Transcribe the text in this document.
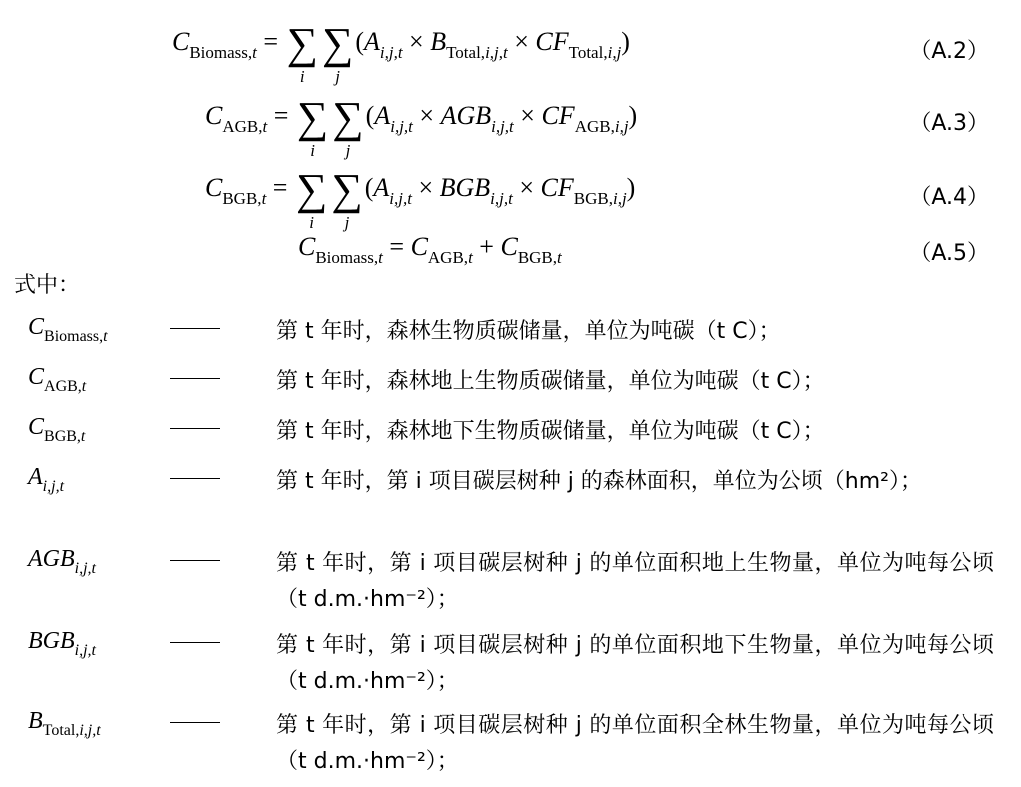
$C_{Biomass,t}$ = ∑
i
∑
j
$(A_{i,j,t} \times B_{Total,i,j,t} \times CF_{Total,i,j})$	（A.2）
$C_{AGB,t}$ = ∑
i
∑
j
$(A_{i,j,t} \times AGB_{i,j,t} \times CF_{AGB,i,j})$	（A.3）
$C_{BGB,t}$ = ∑
i
∑
j
$(A_{i,j,t} \times BGB_{i,j,t} \times CF_{BGB,i,j})$	（A.4）
$C_{Biomass,t} = C_{AGB,t} + C_{BGB,t}$	（A.5）
式中：
$C_{Biomass,t}$	第 t 年时，森林生物质碳储量，单位为吨碳（t C）；
$C_{AGB,t}$	第 t 年时，森林地上生物质碳储量，单位为吨碳（t C）；
$C_{BGB,t}$	第 t 年时，森林地下生物质碳储量，单位为吨碳（t C）；
$A_{i,j,t}$	第 t 年时，第 i 项目碳层树种 j 的森林面积，单位为公顷（hm²）；
$AGB_{i,j,t}$	第 t 年时，第 i 项目碳层树种 j 的单位面积地上生物量，单位为吨每公顷（t d.m.·hm⁻²）；
$BGB_{i,j,t}$	第 t 年时，第 i 项目碳层树种 j 的单位面积地下生物量，单位为吨每公顷（t d.m.·hm⁻²）；
$B_{Total,i,j,t}$	第 t 年时，第 i 项目碳层树种 j 的单位面积全林生物量，单位为吨每公顷（t d.m.·hm⁻²）；
